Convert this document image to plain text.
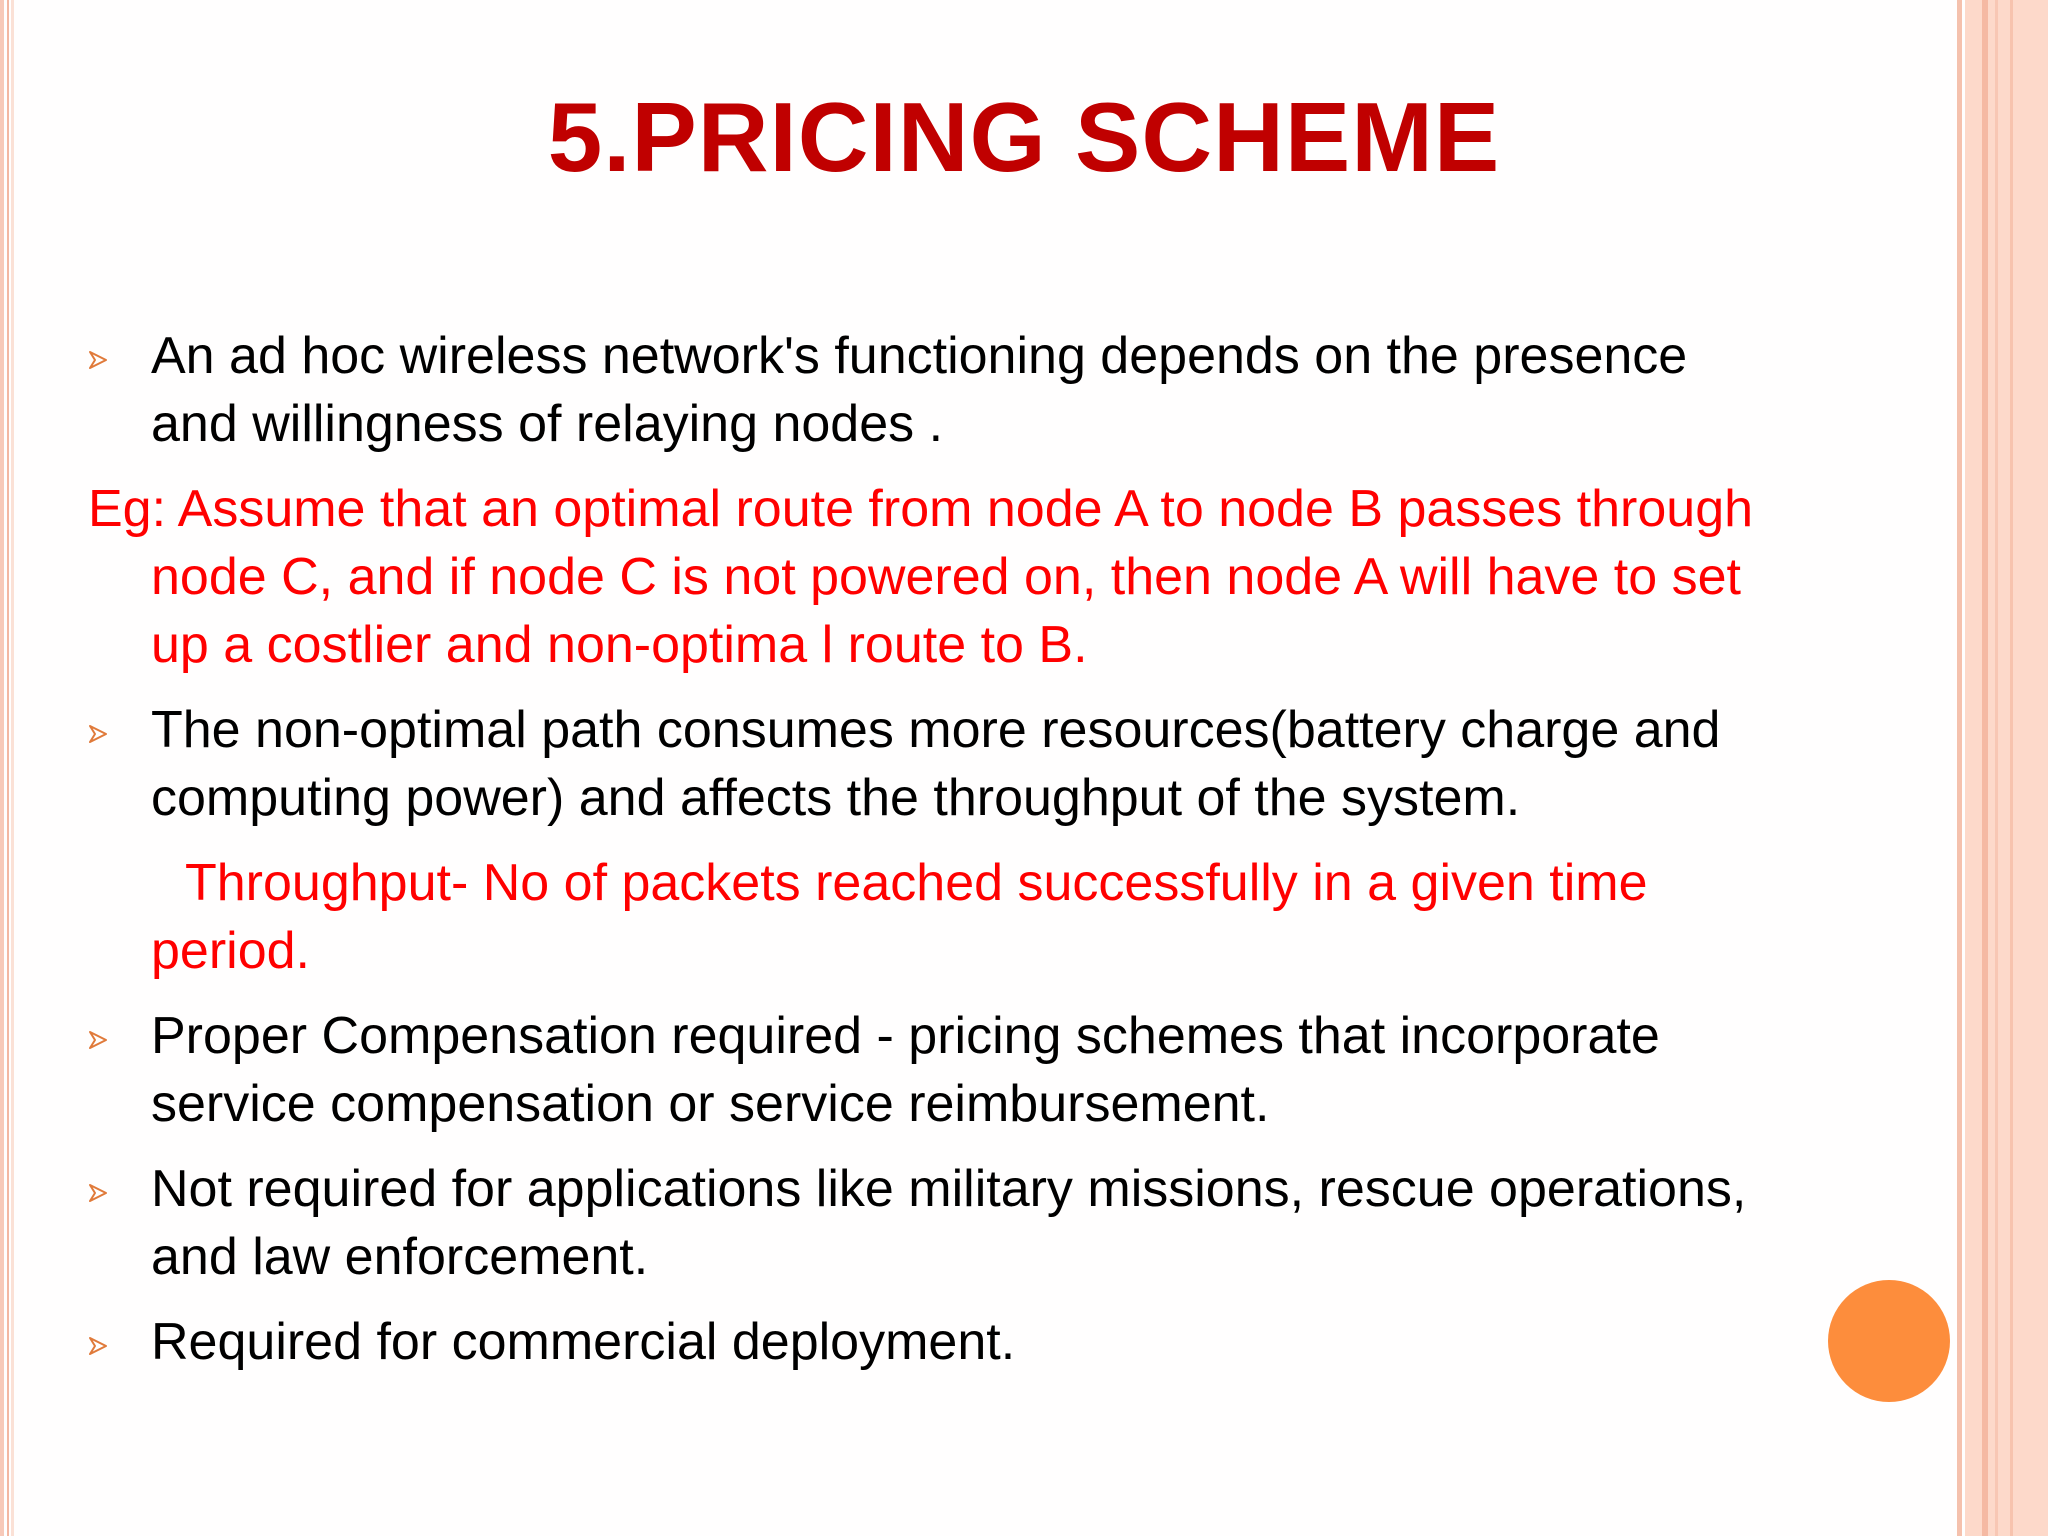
5.PRICING SCHEME
An ad hoc wireless network's functioning depends on the presence
and willingness of relaying nodes .
Eg: Assume that an optimal route from node A to node B passes through
node C, and if node C is not powered on, then node A will have to set
up a costlier and non-optima l route to B.
The non-optimal path consumes more resources(battery charge and
computing power) and affects the throughput of the system.
Throughput- No of packets reached successfully in a given time
period.
Proper Compensation required - pricing schemes that incorporate
service compensation or service reimbursement.
Not required for applications like military missions, rescue operations,
and law enforcement.
Required for commercial deployment.
